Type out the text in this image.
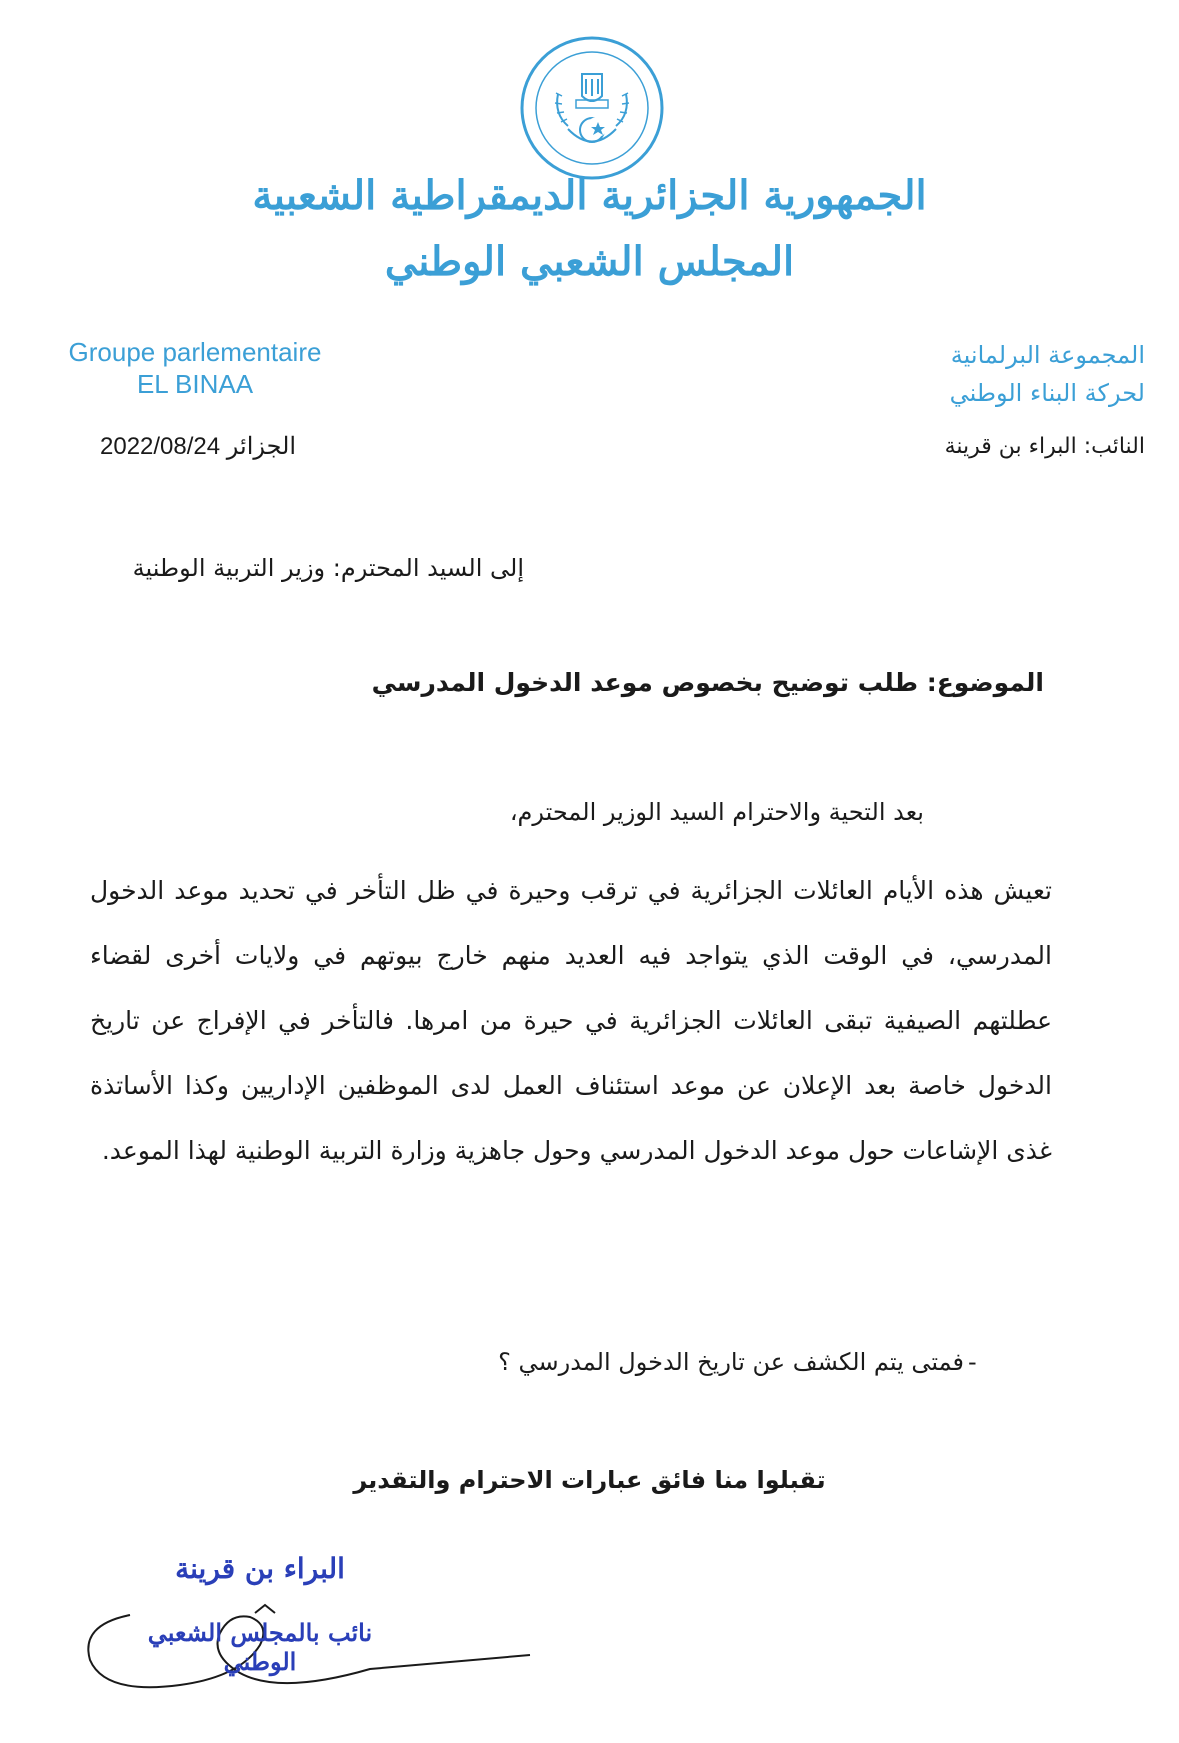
الجمهورية الجزائرية الديمقراطية الشعبية
المجلس الشعبي الوطني
Groupe parlementaire
EL BINAA
المجموعة البرلمانية
لحركة البناء الوطني
النائب: البراء بن قرينة
الجزائر 2022/08/24
إلى السيد المحترم: وزير التربية الوطنية
الموضوع: طلب توضيح بخصوص موعد الدخول المدرسي
بعد التحية والاحترام السيد الوزير المحترم،
تعيش هذه الأيام العائلات الجزائرية في ترقب وحيرة في ظل التأخر في تحديد موعد الدخول المدرسي، في الوقت الذي يتواجد فيه العديد منهم خارج بيوتهم في ولايات أخرى لقضاء عطلتهم الصيفية تبقى العائلات الجزائرية في حيرة من امرها. فالتأخر في الإفراج عن تاريخ الدخول خاصة بعد الإعلان عن موعد استئناف العمل لدى الموظفين الإداريين وكذا الأساتذة غذى الإشاعات حول موعد الدخول المدرسي وحول جاهزية وزارة التربية الوطنية لهذا الموعد.
-
فمتى يتم الكشف عن تاريخ الدخول المدرسي ؟
تقبلوا منا فائق عبارات الاحترام والتقدير
البراء بن قرينة
نائب بالمجلس الشعبي الوطني
